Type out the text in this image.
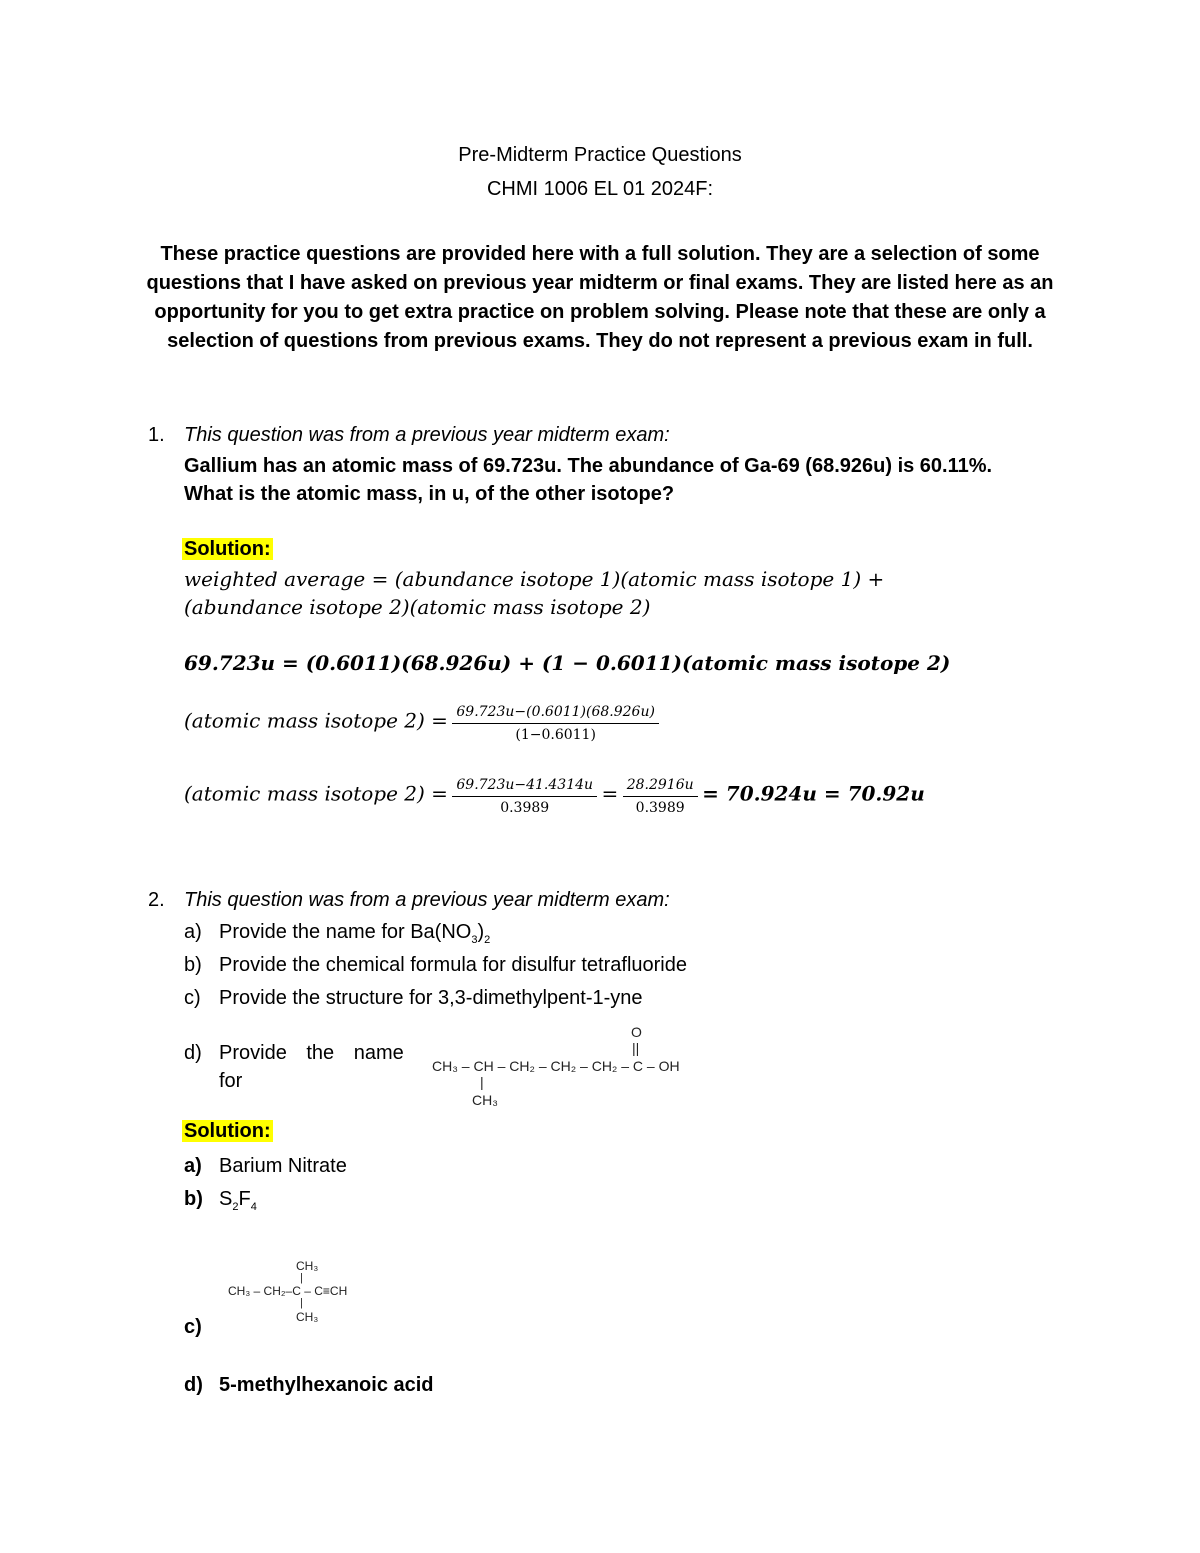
Pre-Midterm Practice Questions
CHMI 1006 EL 01 2024F:
These practice questions are provided here with a full solution. They are a selection of some questions that I have asked on previous year midterm or final exams. They are listed here as an opportunity for you to get extra practice on problem solving. Please note that these are only a selection of questions from previous exams. They do not represent a previous exam in full.
1. This question was from a previous year midterm exam:
Gallium has an atomic mass of 69.723u. The abundance of Ga-69 (68.926u) is 60.11%.
What is the atomic mass, in u, of the other isotope?
Solution:
weighted average = (abundance isotope 1)(atomic mass isotope 1) +
(abundance isotope 2)(atomic mass isotope 2)
69.723u = (0.6011)(68.926u) + (1 − 0.6011)(atomic mass isotope 2)
(atomic mass isotope $2) = \frac{69.723u-(0.6011)(68.926u)}{(1-0.6011)}$
(atomic mass isotope $2) = \frac{69.723u-41.4314u}{0.3989} = \frac{28.2916u}{0.3989} = 70.924u = 70.92u$
2. This question was from a previous year midterm exam:
a) Provide the name for $Ba(NO_3)_2$
b) Provide the chemical formula for disulfur tetrafluoride
c) Provide the structure for 3,3-dimethylpent-1-yne
d) Provide the name
for
O
||
CH₃ – CH – CH₂ – CH₂ – CH₂ – C – OH
|
CH₃
Solution:
a) Barium Nitrate
b) $S_2F_4$
CH₃
|
CH₃ – CH₂–C – C≡CH
|
CH₃
c)
d) 5-methylhexanoic acid
